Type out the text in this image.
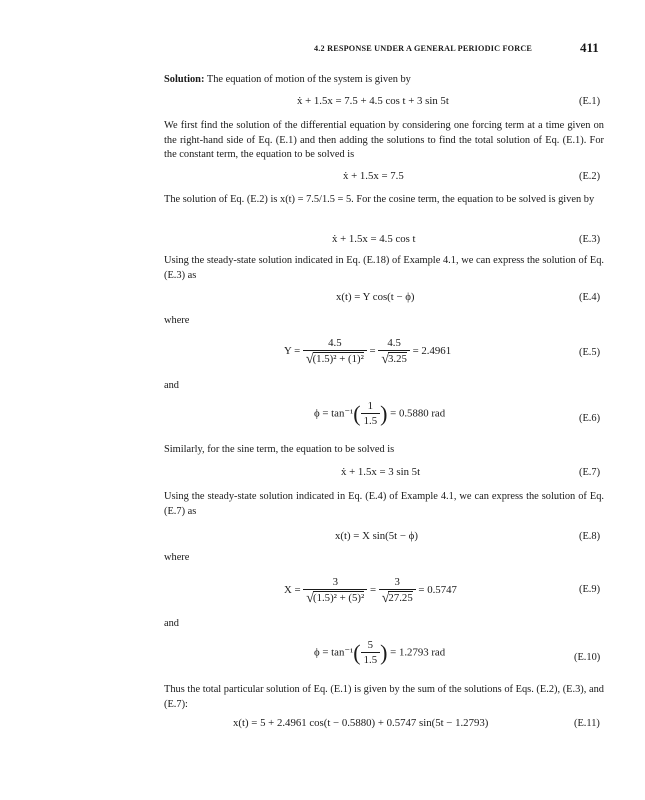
4.2 RESPONSE UNDER A GENERAL PERIODIC FORCE	411
Solution: The equation of motion of the system is given by
ẋ + 1.5x = 7.5 + 4.5 cos t + 3 sin 5t	(E.1)
We first find the solution of the differential equation by considering one forcing term at a time given on the right-hand side of Eq. (E.1) and then adding the solutions to find the total solution of Eq. (E.1). For the constant term, the equation to be solved is
ẋ + 1.5x = 7.5	(E.2)
The solution of Eq. (E.2) is x(t) = 7.5/1.5 = 5. For the cosine term, the equation to be solved is given by
ẋ + 1.5x = 4.5 cos t	(E.3)
Using the steady-state solution indicated in Eq. (E.18) of Example 4.1, we can express the solution of Eq. (E.3) as
x(t) = Y cos(t − ϕ)	(E.4)
where
$Y = \frac{4.5}{\text{√(1.5)² + (1)²}} = \frac{4.5}{√3.25} = 2.4961$	(E.5)
and
$\phi = \tan^{-1}( \frac{1}{1.5}$ ) = 0.5880 rad	(E.6)
Similarly, for the sine term, the equation to be solved is
ẋ + 1.5x = 3 sin 5t	(E.7)
Using the steady-state solution indicated in Eq. (E.4) of Example 4.1, we can express the solution of Eq. (E.7) as
x(t) = X sin(5t − ϕ)	(E.8)
where
$X = \frac{3}{\text{√(1.5)² + (5)²}} = \frac{3}{√27.25} = 0.5747$	(E.9)
and
$\phi = \tan^{-1}( \frac{5}{1.5}$ ) = 1.2793 rad	(E.10)
Thus the total particular solution of Eq. (E.1) is given by the sum of the solutions of Eqs. (E.2), (E.3), and (E.7):
x(t) = 5 + 2.4961 cos(t − 0.5880) + 0.5747 sin(5t − 1.2793)	(E.11)
